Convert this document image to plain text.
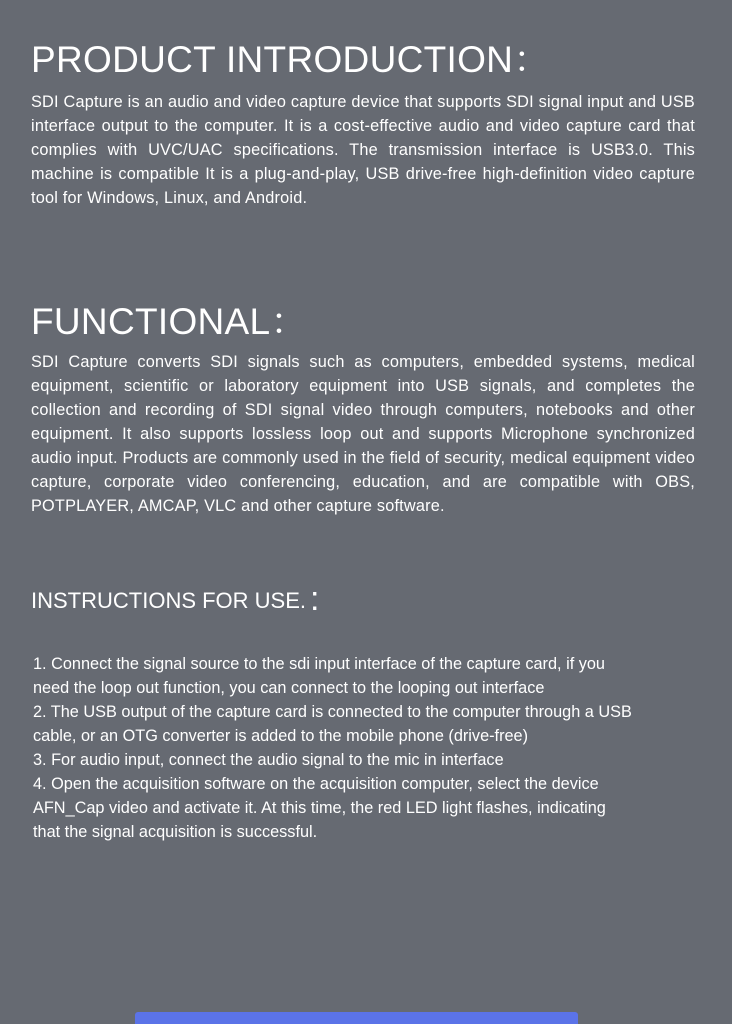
PRODUCT INTRODUCTION：

SDI Capture is an audio and video capture device that supports SDI signal input and USB interface output to the computer. It is a cost-effective audio and video capture card that complies with UVC/UAC specifications. The transmission interface is USB3.0. This machine is compatible It is a plug-and-play, USB drive-free high-definition video capture tool for Windows, Linux, and Android.

FUNCTIONAL：

SDI Capture converts SDI signals such as computers, embedded systems, medical equipment, scientific or laboratory equipment into USB signals, and completes the collection and recording of SDI signal video through computers, notebooks and other equipment. It also supports lossless loop out and supports Microphone synchronized audio input. Products are commonly used in the field of security, medical equipment video capture, corporate video conferencing, education, and are compatible with OBS, POTPLAYER, AMCAP, VLC and other capture software.

INSTRUCTIONS FOR USE. :
1. Connect the signal source to the sdi input interface of the capture card, if you
need the loop out function, you can connect to the looping out interface
2. The USB output of the capture card is connected to the computer through a USB
cable, or an OTG converter is added to the mobile phone (drive-free)
3. For audio input, connect the audio signal to the mic in interface
4. Open the acquisition software on the acquisition computer, select the device
AFN_Cap video and activate it. At this time, the red LED light flashes, indicating
that the signal acquisition is successful.
